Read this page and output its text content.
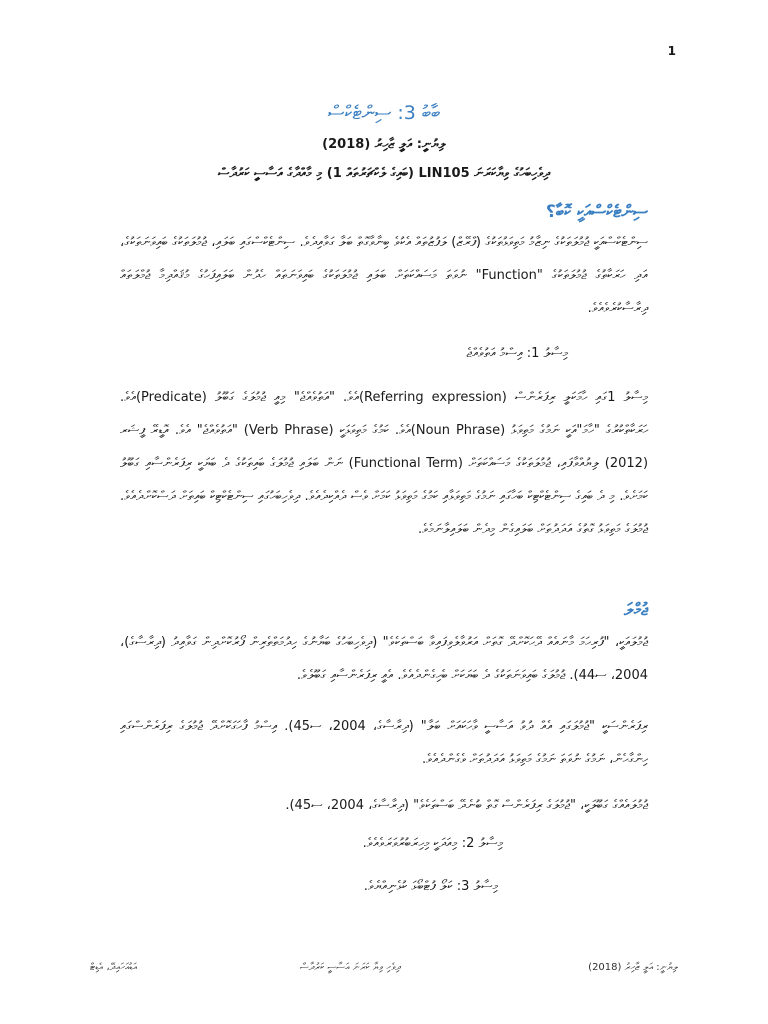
1
ބާބު 3: ސިންޓެކްސް
ލިޔުނީ: އަލީ ޒާހިރު (2018)
ދިވެހިބަހުގެ ވިޔާކަރަނަ LIN105 (ބައިގެ ލެކްޗަރުތައް 1) މި މާއްދާގެ އަސާސީ ކަރުދާސް
ސިންޓެކްސްއަކީ ކޮބާ؟
ސިންޓެކްސްއަކީ ޖުމުލަތަކުގެ ނިޒާމު މަތިވަޅުތަކުގެ (ފްރޭޒް) ލަފުޒުތައް އެކުވެ ބިނާވާގޮތް ބަލާ ގަވާއިދެވެ. ސިންޓެކްސްގައި ބަލައި، ޖުމުލަތަކުގެ ބައިވަނަތަކުގެ، އަދި ހަރަކާތުގެ ޖުމުލަތަކުގެ "Function" ނުވަތަ މަސައްކަތަށް ބަލައި ޖުމުލަތަކުގެ ބައިވަނަތައް ހެދުން ބަލައިފަހުގެ މުޤައްދިމާ ޖުމްލަތައް ދިރާސާކުރެވެއެވެ.
މިސާލު 1: އިސްމު އަތުވެއްޖެ
މިސާލު 1ގައި ހާމަކަލީ ރިފަރެންސް (Referring expression)އެވެ. "އަތުވެއްޖެ" މިއީ ޖުމުލަގެ ގަބޫލު (Predicate)އެވެ. ހަރަކާތްކުރުގެ "ހާމަ"އަކީ ނަމުގެ މަތިވަޅު (Noun Phrase)އެވެ. ކަމުގެ މަތިވަޅަކީ (Verb Phrase) "އަތުވެއްޖެ" އެވެ. އޮޑީރޭ ފީޝަރ (2012) ލިޔުއްވާފައި، ޖުމުލަތަކުގެ މަސައްކަތަށް (Functional Term) ނަން ބަލައި ޖުމުލަގެ ބައިތަކުގެ ދެ ބަޔަކީ ރިފަރެންސާއި ގަބޫލު ކަމަށެވެ. މި ދެ ބައިގެ ސިންޓެކްޓިކް ބަހާގައި ނަމުގެ މަތިވަޅާއި ކަމުގެ މަތިވަޅު ކަމަށް ވެސް ދެއްކިދެއެވެ. ދިވެހިބަހުގައި ސިންޓެކްޓިކް ބައިތަށް ދަސްކޮށްދެއެވެ. ޖުމުލަގެ މަތިވަޅު ގޮތުގެ އަދަދުތަށް ބަލައިގެން މިދެން ބަލައިލާނަމެވެ.
ޖުމްލަ
ޖުމުލައަކީ، "ފުރިހަމަ މާނައެއް ދޭހަކޮށްދޭ ގޮތަށް އަރުވާލެވިފައިވާ ބަސްތަކެވެ" (ދިވެހިބަހުގެ ބަޔާނުގެ ހިދުމަތްތެރިން ފޯރުކޮށްދިން ގަވާއިދު (ދިރާސާގެ)، 2004، ސ44). ޖުމުލަގެ ބައިވަނަތަކުގެ ދެ ބަޔަކަށް ބެހިގެންދެއެވެ. އެއީ ރިފަރެންސާއި ގަބޫލެވެ.
ރިފަރެންސަކީ "ޖުމުލަގައި އެއް ދުވު އަސާސީ ވާހަކައަށް ބަލާ" (ދިރާސާގެ، 2004، ސ45). އިސްމު ފާހަގަކޮށްދޭ ޖުމުލަގެ ރިފަރެންސްގައި ހިންގާހެން، ނަމުގެ ނުވަތަ ނަމުގެ މަތިވަޅު އަދަދުތަށް ވެގެންދެއެވެ.
ޖުމުލައެއްގެ ގަބޫލަކީ، "ޖުމުލަގެ ރިފަރެންސް ގޮތް ބުނެދޭ ބަސްތަކެވެ" (ދިރާސާގެ، 2004، ސ45).
މިސާލު 2: މިއަދަކީ މިހިރަބުރުވަރަވެއެވެ.
މިސާލު 3: ކަލޯ ފުޓްބޯޅަ ކުޅެނިއްޔެވެ.
ލިޔުނީ: އަލީ ޒާހިރު (2018)
ދިވެހި ވިޔާ ކަރަނަ އަސާސީ ކަރުދާސް
އަޑުއަހައިދޭ، އެޑިޓް
